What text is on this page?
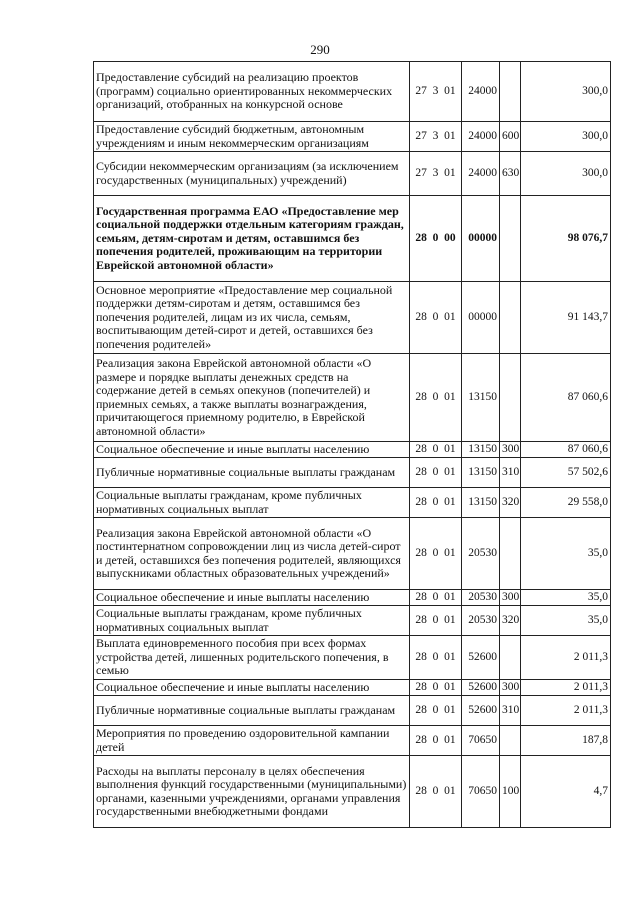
290
Предоставление субсидий на реализацию проектов (программ) социально ориентированных некоммерческих организаций, отобранных на конкурсной основе	27  3  01	24000		300,0
Предоставление субсидий бюджетным, автономным учреждениям и иным некоммерческим организациям	27  3  01	24000	600	300,0
Субсидии некоммерческим организациям (за исключением государственных (муниципальных) учреждений)	27  3  01	24000	630	300,0
Государственная программа ЕАО «Предоставление мер социальной поддержки отдельным категориям граждан, семьям, детям-сиротам и детям, оставшимся без попечения родителей, проживающим на территории Еврейской автономной области»	28  0  00	00000		98 076,7
Основное мероприятие «Предоставление мер социальной поддержки детям-сиротам и детям, оставшимся без попечения родителей, лицам из их числа, семьям, воспитывающим детей-сирот и детей, оставшихся без попечения родителей»	28  0  01	00000		91 143,7
Реализация закона Еврейской автономной области «О размере и порядке выплаты денежных средств на содержание детей в семьях опекунов (попечителей) и приемных семьях, а также выплаты вознаграждения, причитающегося приемному родителю, в Еврейской автономной области»	28  0  01	13150		87 060,6
Социальное обеспечение и иные выплаты населению	28  0  01	13150	300	87 060,6
Публичные нормативные социальные выплаты гражданам	28  0  01	13150	310	57 502,6
Социальные выплаты гражданам, кроме публичных нормативных социальных выплат	28  0  01	13150	320	29 558,0
Реализация закона Еврейской автономной области «О постинтернатном сопровождении лиц из числа детей-сирот и детей, оставшихся без попечения родителей, являющихся выпускниками областных образовательных учреждений»	28  0  01	20530		35,0
Социальное обеспечение и иные выплаты населению	28  0  01	20530	300	35,0
Социальные выплаты гражданам, кроме публичных нормативных социальных выплат	28  0  01	20530	320	35,0
Выплата единовременного пособия при всех формах устройства детей, лишенных родительского попечения, в семью	28  0  01	52600		2 011,3
Социальное обеспечение и иные выплаты населению	28  0  01	52600	300	2 011,3
Публичные нормативные социальные выплаты гражданам	28  0  01	52600	310	2 011,3
Мероприятия по проведению оздоровительной кампании детей	28  0  01	70650		187,8
Расходы на выплаты персоналу в целях обеспечения выполнения функций государственными (муниципальными) органами, казенными учреждениями, органами управления государственными внебюджетными фондами	28  0  01	70650	100	4,7
